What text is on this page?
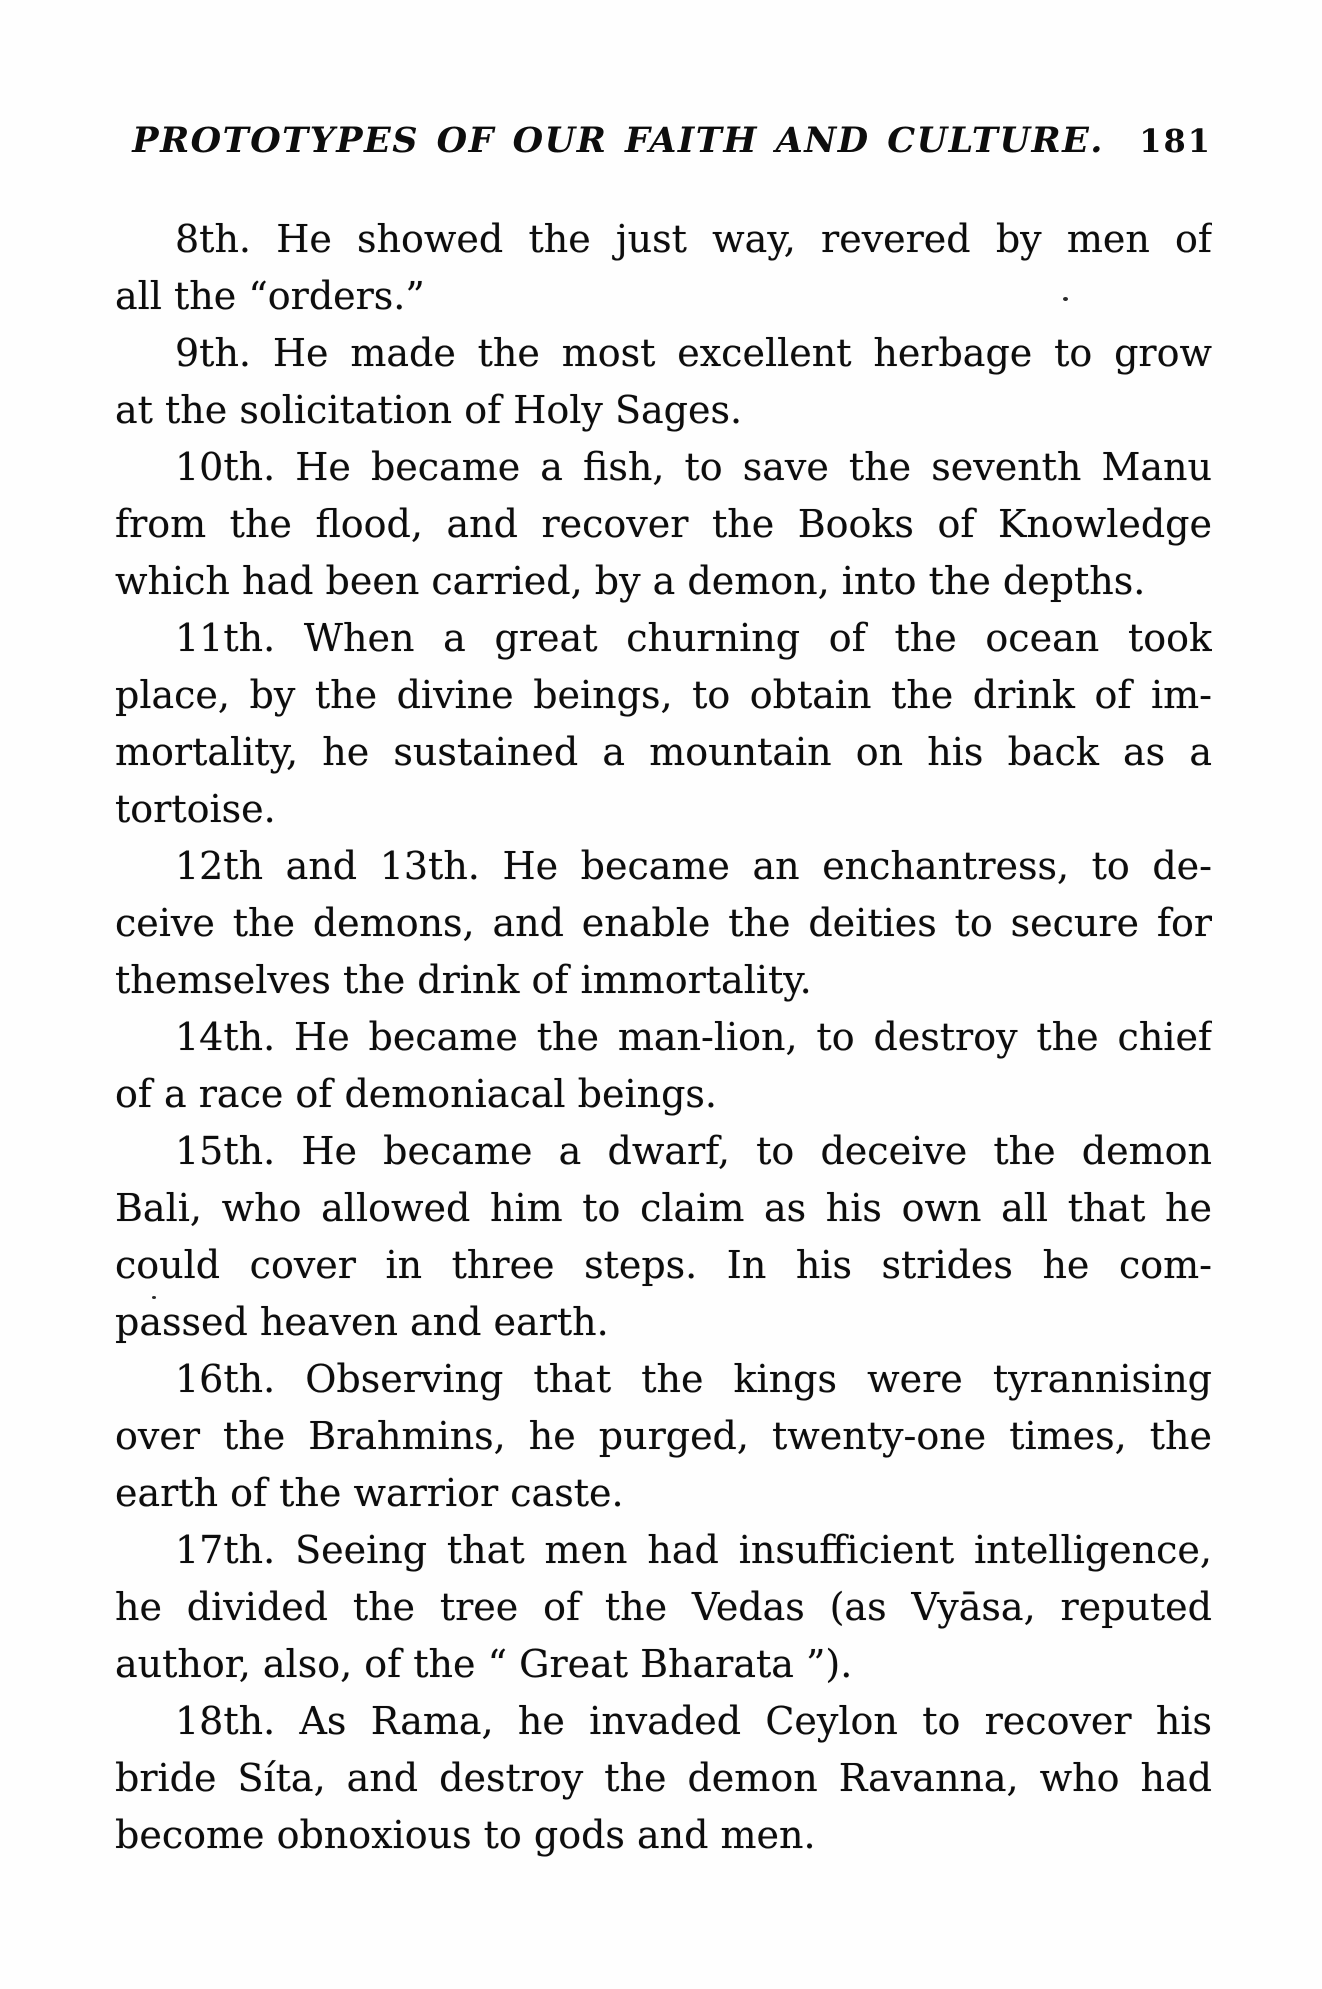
PROTOTYPES OF OUR FAITH AND CULTURE.	181
8th. He showed the just way, revered by men of
all the “orders.”
9th. He made the most excellent herbage to grow
at the solicitation of Holy Sages.
10th. He became a fish, to save the seventh Manu
from the flood, and recover the Books of Knowledge
which had been carried, by a demon, into the depths.
11th. When a great churning of the ocean took
place, by the divine beings, to obtain the drink of im-
mortality, he sustained a mountain on his back as a
tortoise.
12th and 13th. He became an enchantress, to de-
ceive the demons, and enable the deities to secure for
themselves the drink of immortality.
14th. He became the man-lion, to destroy the chief
of a race of demoniacal beings.
15th. He became a dwarf, to deceive the demon
Bali, who allowed him to claim as his own all that he
could cover in three steps. In his strides he com-
passed heaven and earth.
16th. Observing that the kings were tyrannising
over the Brahmins, he purged, twenty-one times, the
earth of the warrior caste.
17th. Seeing that men had insufficient intelligence,
he divided the tree of the Vedas (as Vyāsa, reputed
author, also, of the “ Great Bharata ”).
18th. As Rama, he invaded Ceylon to recover his
bride Síta, and destroy the demon Ravanna, who had
become obnoxious to gods and men.
